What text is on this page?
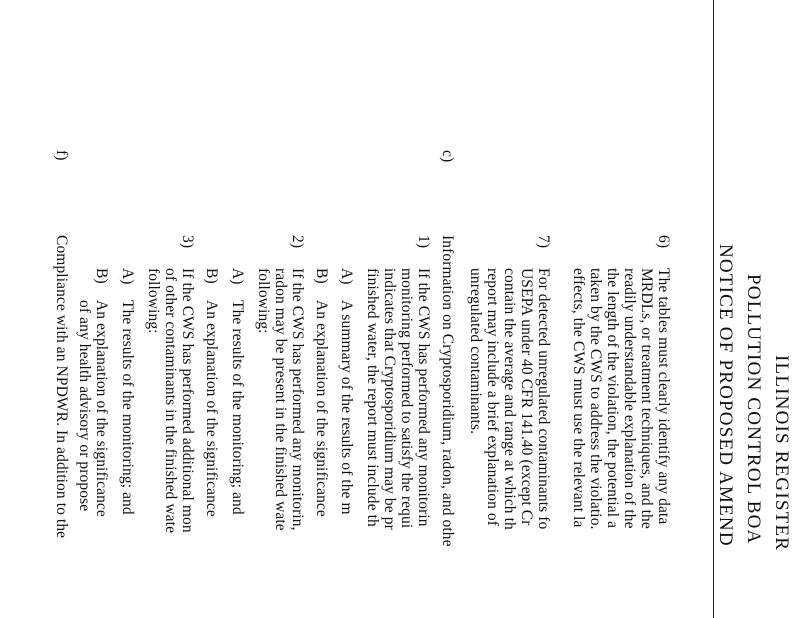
ILLINOIS REGISTER
POLLUTION CONTROL BOA
NOTICE OF PROPOSED AMEND
6)
The tables must clearly identify any data
MRDLs, or treatment techniques, and the
readily understandable explanation of the
the length of the violation, the potential a
taken by the CWS to address the violatio.
effects, the CWS must use the relevant la
7)
For detected unregulated contaminants fo
USEPA under 40 CFR 141.40 (except Cr
contain the average and range at which th
report may include a brief explanation of
unregulated contaminants.
c)
Information on Cryptosporidium, radon, and othe
1)
If the CWS has performed any monitorin
monitoring performed to satisfy the requi
indicates that Cryptosporidium may be pr
finished water, the report must include th
A)
A summary of the results of the m
B)
An explanation of the significance
2)
If the CWS has performed any monitorin,
radon may be present in the finished wate
following:
A)
The results of the monitoring; and
B)
An explanation of the significance
3)
If the CWS has performed additional mon
of other contaminants in the finished wate
following:
A)
The results of the monitoring; and
B)
An explanation of the significance
of any health advisory or propose
f)
Compliance with an NPDWR. In addition to the
